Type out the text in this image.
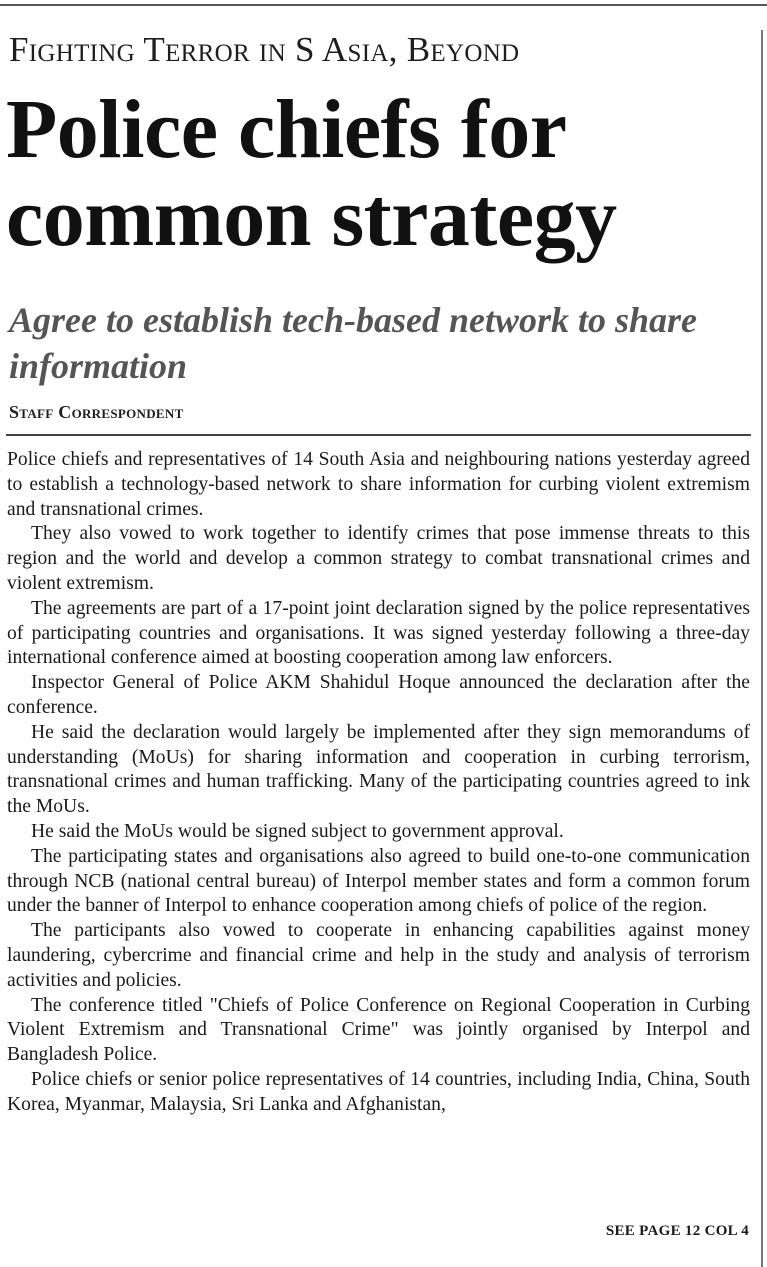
Fighting Terror in S Asia, Beyond
Police chiefs for common strategy
Agree to establish tech-based network to share information
Staff Correspondent

Police chiefs and representatives of 14 South Asia and neighbouring nations yesterday agreed to establish a technology-based network to share information for curbing violent extremism and transnational crimes.

They also vowed to work together to identify crimes that pose immense threats to this region and the world and develop a common strategy to combat transnational crimes and violent extremism.

The agreements are part of a 17-point joint declaration signed by the police representatives of participating countries and organisations. It was signed yesterday following a three-day international conference aimed at boosting cooperation among law enforcers.

Inspector General of Police AKM Shahidul Hoque announced the declaration after the conference.

He said the declaration would largely be implemented after they sign memorandums of understanding (MoUs) for sharing information and cooperation in curbing terrorism, transnational crimes and human trafficking. Many of the participating countries agreed to ink the MoUs.

He said the MoUs would be signed subject to government approval.

The participating states and organisations also agreed to build one-to-one communication through NCB (national central bureau) of Interpol member states and form a common forum under the banner of Interpol to enhance cooperation among chiefs of police of the region.

The participants also vowed to cooperate in enhancing capabilities against money laundering, cybercrime and financial crime and help in the study and analysis of terrorism activities and policies.

The conference titled "Chiefs of Police Conference on Regional Cooperation in Curbing Violent Extremism and Transnational Crime" was jointly organised by Interpol and Bangladesh Police.

Police chiefs or senior police representatives of 14 countries, including India, China, South Korea, Myanmar, Malaysia, Sri Lanka and Afghanistan,

SEE PAGE 12 COL 4
